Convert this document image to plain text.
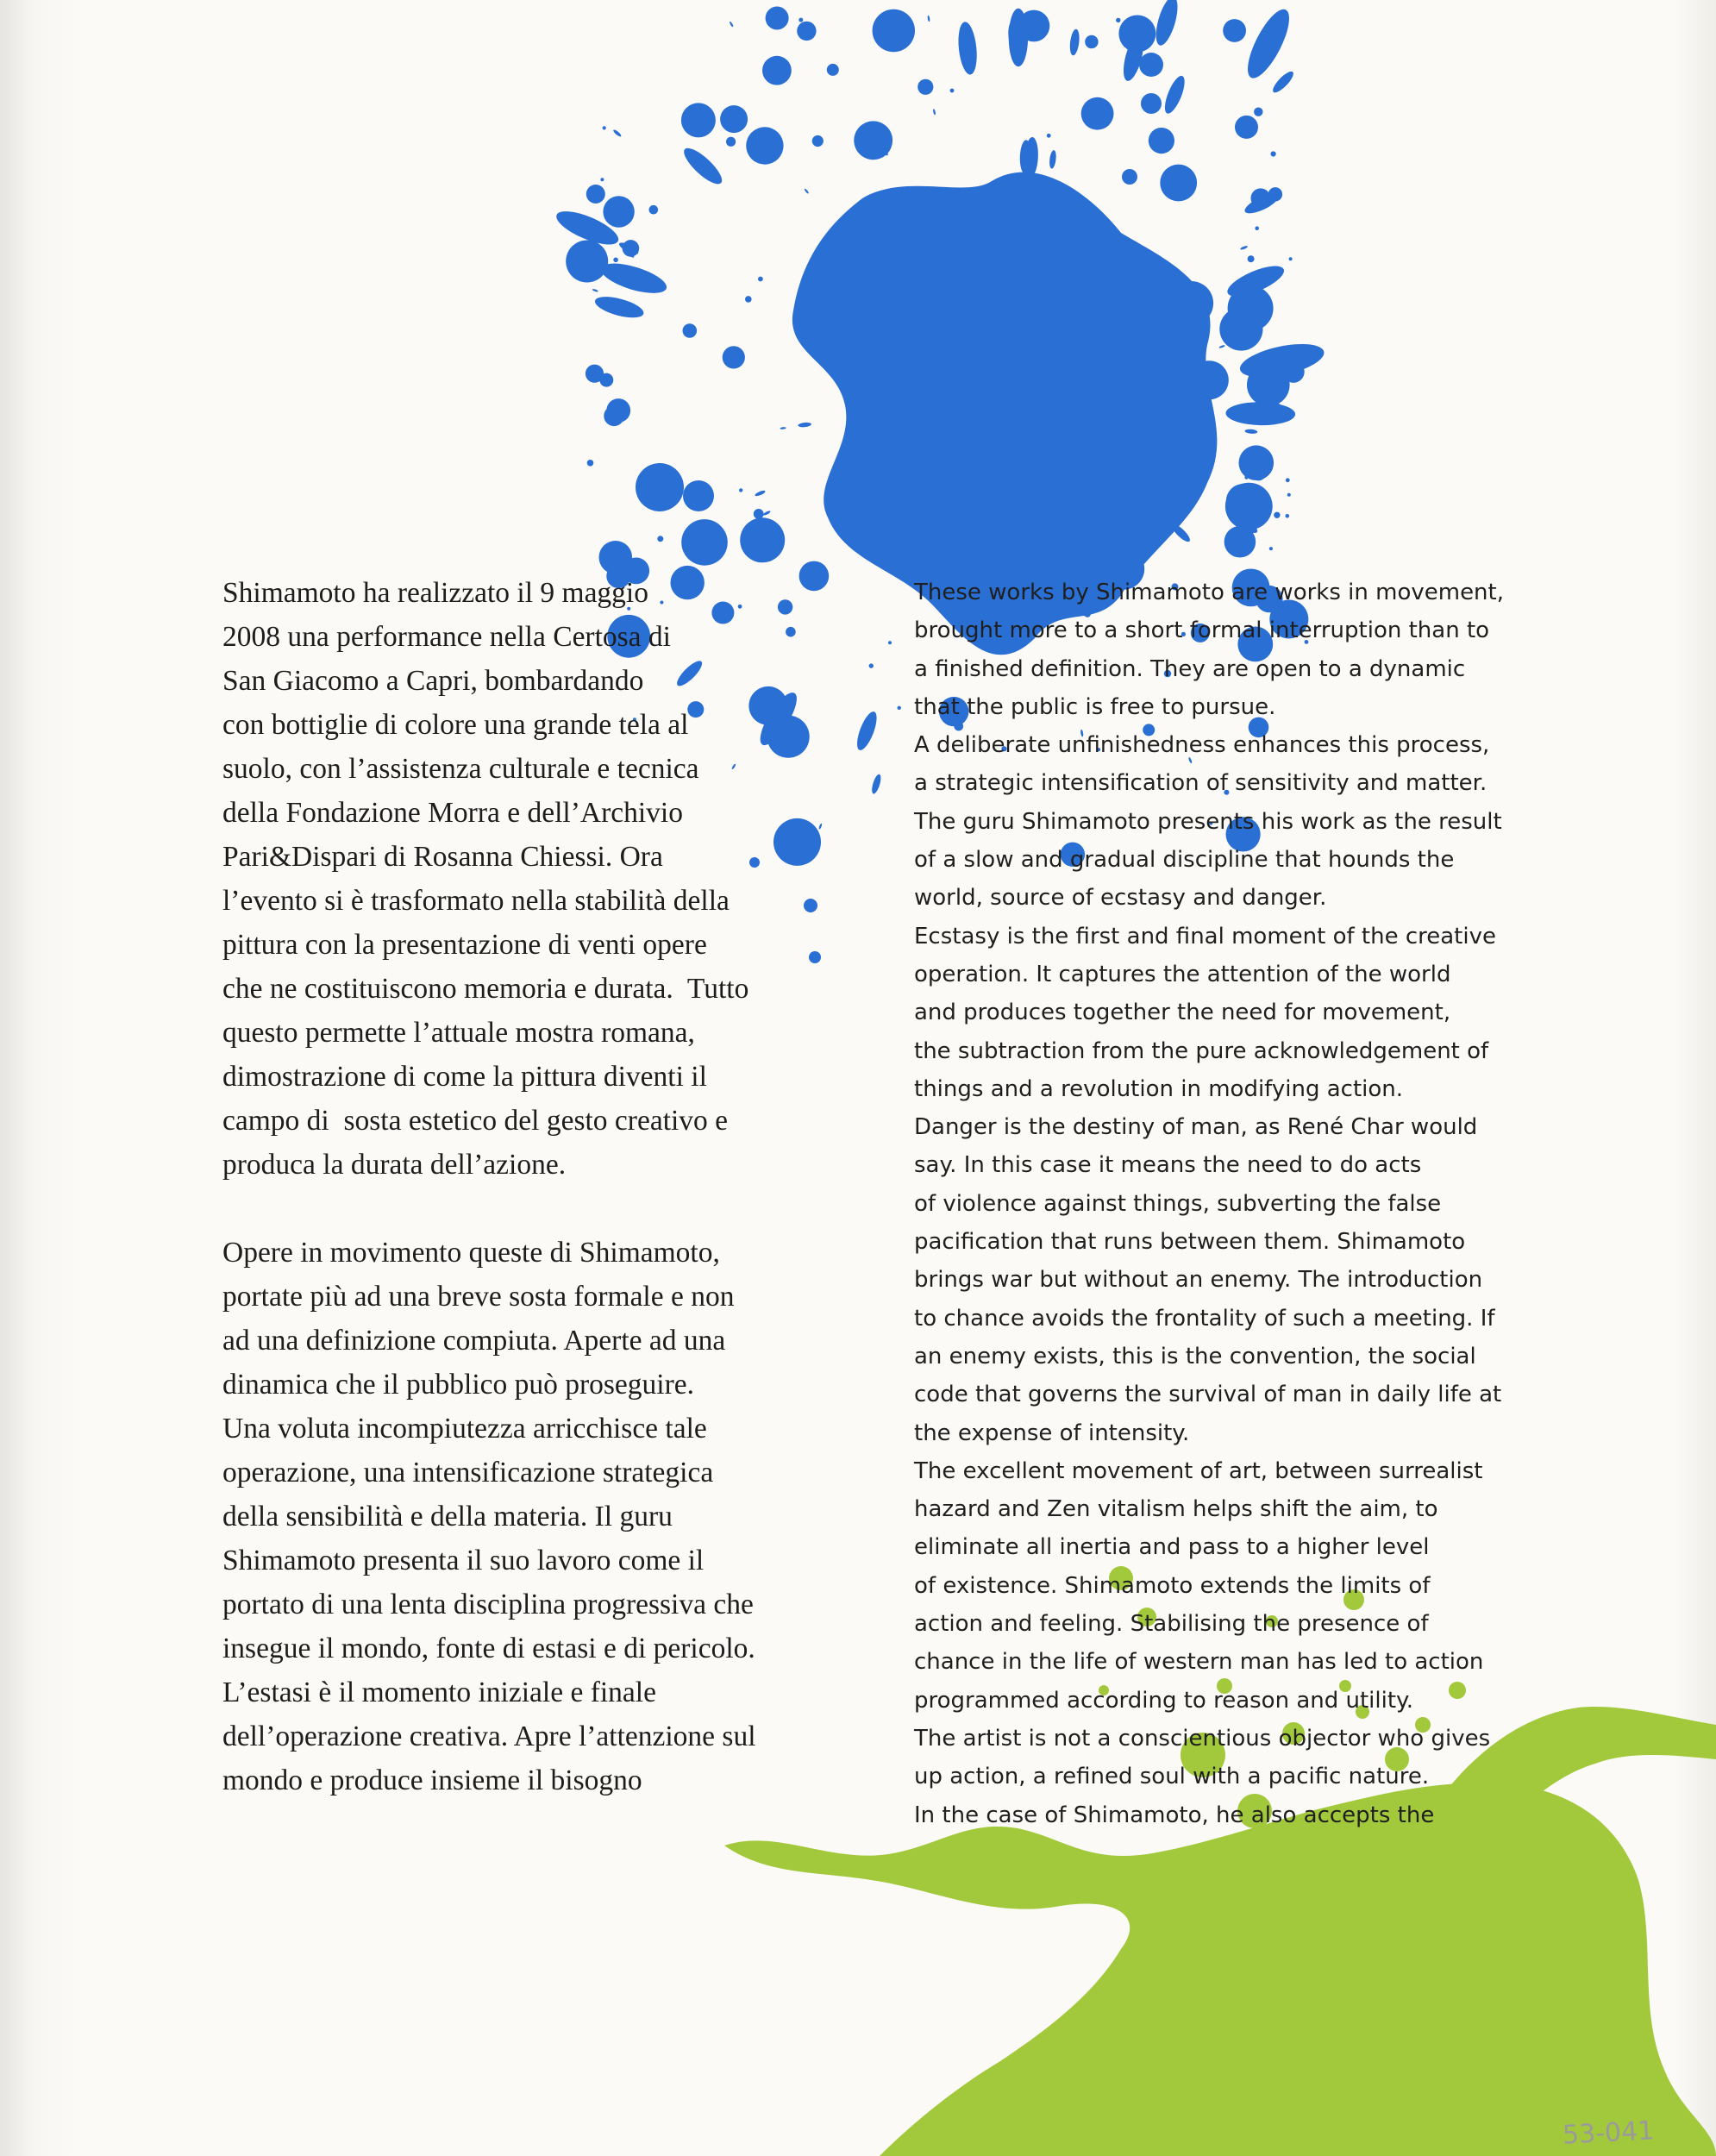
Shimamoto ha realizzato il 9 maggio

2008 una performance nella Certosa di

San Giacomo a Capri, bombardando

con bottiglie di colore una grande tela al

suolo, con l’assistenza culturale e tecnica

della Fondazione Morra e dell’Archivio

Pari&Dispari di Rosanna Chiessi. Ora

l’evento si è trasformato nella stabilità della

pittura con la presentazione di venti opere

che ne costituiscono memoria e durata.  Tutto

questo permette l’attuale mostra romana,

dimostrazione di come la pittura diventi il

campo di  sosta estetico del gesto creativo e

produca la durata dell’azione.

Opere in movimento queste di Shimamoto,

portate più ad una breve sosta formale e non

ad una definizione compiuta. Aperte ad una

dinamica che il pubblico può proseguire.

Una voluta incompiutezza arricchisce tale

operazione, una intensificazione strategica

della sensibilità e della materia. Il guru

Shimamoto presenta il suo lavoro come il

portato di una lenta disciplina progressiva che

insegue il mondo, fonte di estasi e di pericolo.

L’estasi è il momento iniziale e finale

dell’operazione creativa. Apre l’attenzione sul

mondo e produce insieme il bisogno

These works by Shimamoto are works in movement,

brought more to a short formal interruption than to

a finished definition. They are open to a dynamic

that the public is free to pursue.

A deliberate unfinishedness enhances this process,

a strategic intensification of sensitivity and matter.

The guru Shimamoto presents his work as the result

of a slow and gradual discipline that hounds the

world, source of ecstasy and danger.

Ecstasy is the first and final moment of the creative

operation. It captures the attention of the world

and produces together the need for movement,

the subtraction from the pure acknowledgement of

things and a revolution in modifying action.

Danger is the destiny of man, as René Char would

say. In this case it means the need to do acts

of violence against things, subverting the false

pacification that runs between them. Shimamoto

brings war but without an enemy. The introduction

to chance avoids the frontality of such a meeting. If

an enemy exists, this is the convention, the social

code that governs the survival of man in daily life at

the expense of intensity.

The excellent movement of art, between surrealist

hazard and Zen vitalism helps shift the aim, to

eliminate all inertia and pass to a higher level

of existence. Shimamoto extends the limits of

action and feeling. Stabilising the presence of

chance in the life of western man has led to action

programmed according to reason and utility.

The artist is not a conscientious objector who gives

up action, a refined soul with a pacific nature.

In the case of Shimamoto, he also accepts the

53-041
